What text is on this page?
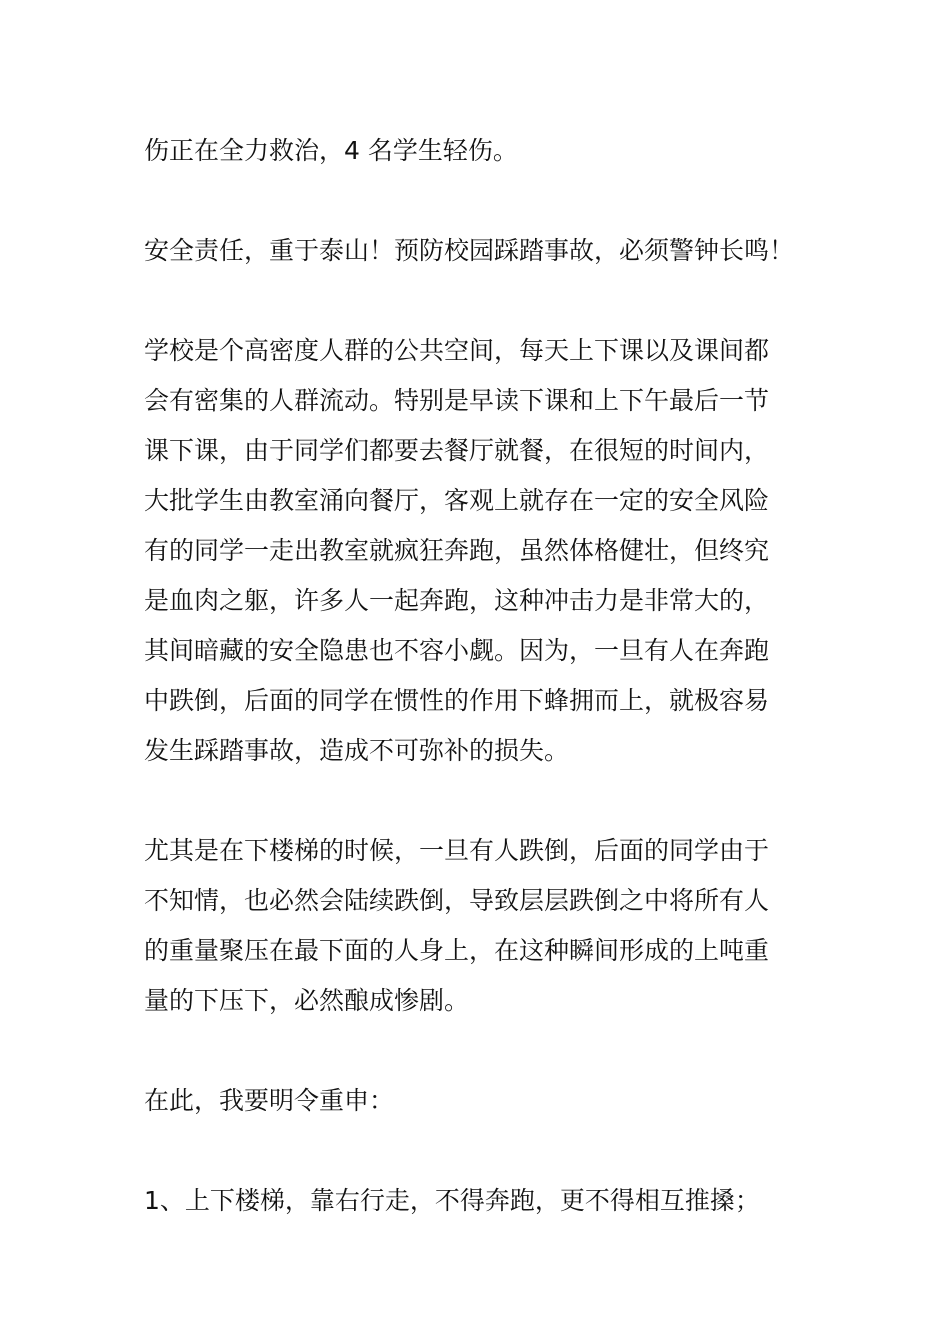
伤正在全力救治，4 名学生轻伤。

安全责任，重于泰山！预防校园踩踏事故，必须警钟长鸣！

学校是个高密度人群的公共空间，每天上下课以及课间都
会有密集的人群流动。特别是早读下课和上下午最后一节
课下课，由于同学们都要去餐厅就餐，在很短的时间内，
大批学生由教室涌向餐厅，客观上就存在一定的安全风险
有的同学一走出教室就疯狂奔跑，虽然体格健壮，但终究
是血肉之躯，许多人一起奔跑，这种冲击力是非常大的，
其间暗藏的安全隐患也不容小觑。因为，一旦有人在奔跑
中跌倒，后面的同学在惯性的作用下蜂拥而上，就极容易
发生踩踏事故，造成不可弥补的损失。

尤其是在下楼梯的时候，一旦有人跌倒，后面的同学由于
不知情，也必然会陆续跌倒，导致层层跌倒之中将所有人
的重量聚压在最下面的人身上，在这种瞬间形成的上吨重
量的下压下，必然酿成惨剧。

在此，我要明令重申：

1、上下楼梯，靠右行走，不得奔跑，更不得相互推搡；
